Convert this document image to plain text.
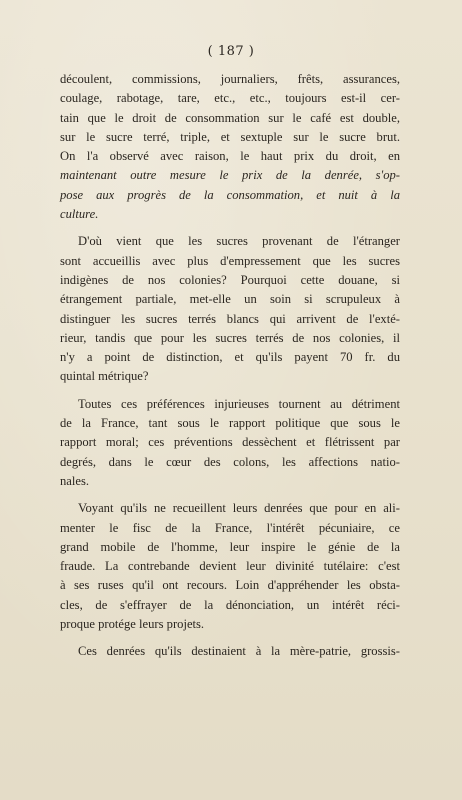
( 187 )
découlent, commissions, journaliers, frêts, assurances,
coulage, rabotage, tare, etc., etc., toujours est-il cer-
tain que le droit de consommation sur le café est double,
sur le sucre terré, triple, et sextuple sur le sucre brut.
On l'a observé avec raison, le haut prix du droit, en
maintenant outre mesure le prix de la denrée, s'op-
pose aux progrès de la consommation, et nuit à la
culture.
D'où vient que les sucres provenant de l'étranger
sont accueillis avec plus d'empressement que les sucres
indigènes de nos colonies? Pourquoi cette douane, si
étrangement partiale, met-elle un soin si scrupuleux à
distinguer les sucres terrés blancs qui arrivent de l'exté-
rieur, tandis que pour les sucres terrés de nos colonies, il
n'y a point de distinction, et qu'ils payent 70 fr. du
quintal métrique?
Toutes ces préférences injurieuses tournent au détriment
de la France, tant sous le rapport politique que sous le
rapport moral; ces préventions dessèchent et flétrissent par
degrés, dans le cœur des colons, les affections natio-
nales.
Voyant qu'ils ne recueillent leurs denrées que pour en ali-
menter le fisc de la France, l'intérêt pécuniaire, ce
grand mobile de l'homme, leur inspire le génie de la
fraude. La contrebande devient leur divinité tutélaire: c'est
à ses ruses qu'il ont recours. Loin d'appréhender les obsta-
cles, de s'effrayer de la dénonciation, un intérêt réci-
proque protége leurs projets.
Ces denrées qu'ils destinaient à la mère-patrie, grossis-
